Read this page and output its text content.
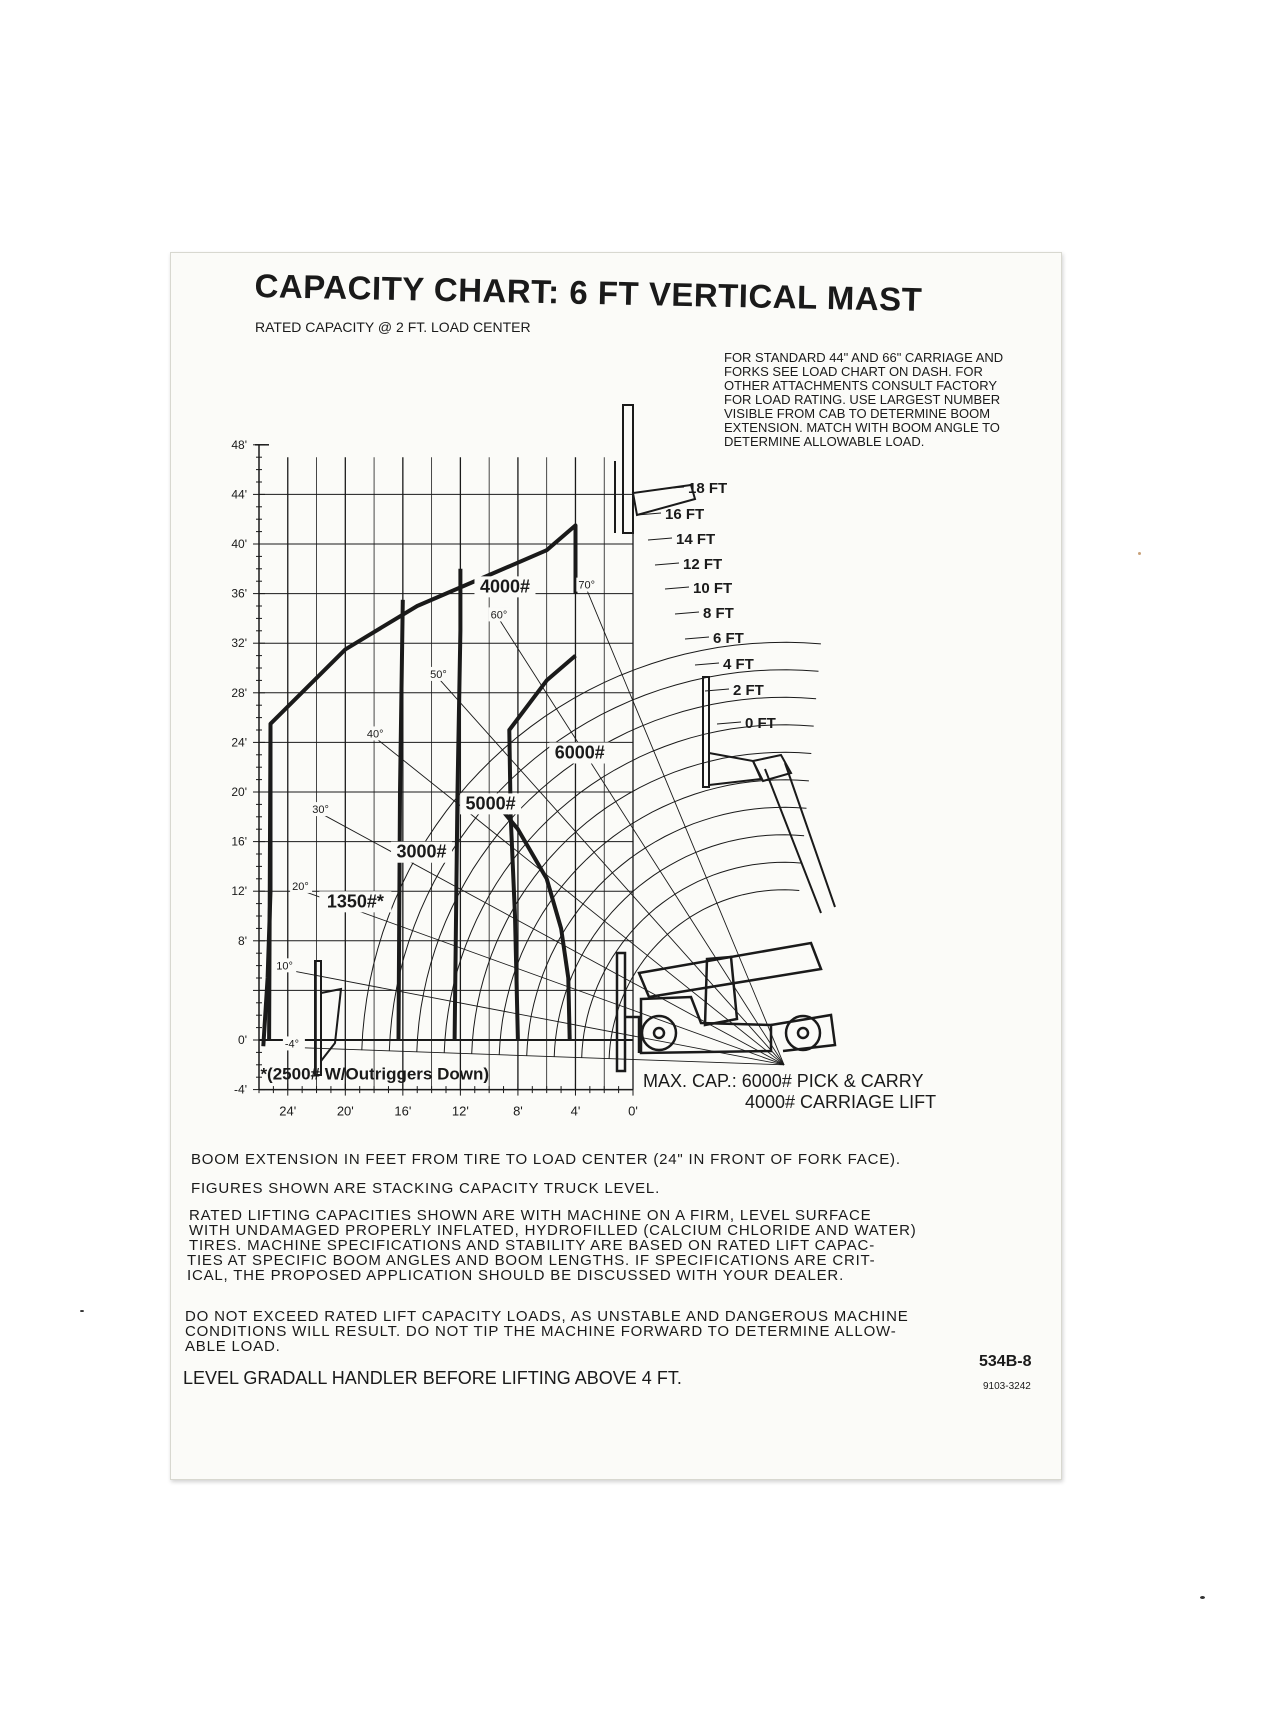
CAPACITY CHART: 6 FT VERTICAL MAST
RATED CAPACITY @ 2 FT. LOAD CENTER
FOR STANDARD 44" AND 66" CARRIAGE AND FORKS SEE LOAD CHART ON DASH. FOR OTHER ATTACHMENTS CONSULT FACTORY FOR LOAD RATING. USE LARGEST NUMBER VISIBLE FROM CAB TO DETERMINE BOOM EXTENSION. MATCH WITH BOOM ANGLE TO DETERMINE ALLOWABLE LOAD.
48'
44'
40'
36'
32'
28'
24'
20'
16'
12'
8'
0'
-4'
24'	20'	16'	12'	8'	4'	0'
-4°
10°
20°
30°
40°
50°
60°
70°
18 FT
16 FT
14 FT
12 FT
10 FT
8 FT
6 FT
4 FT
2 FT
0 FT
4000#
3000#
5000#
6000#
1350#*
*(2500# W/Outriggers Down)	MAX. CAP.: 6000# PICK & CARRY
4000# CARRIAGE LIFT
BOOM EXTENSION IN FEET FROM TIRE TO LOAD CENTER (24" IN FRONT OF FORK FACE).
FIGURES SHOWN ARE STACKING CAPACITY TRUCK LEVEL.
RATED LIFTING CAPACITIES SHOWN ARE WITH MACHINE ON A FIRM, LEVEL SURFACE
WITH UNDAMAGED PROPERLY INFLATED, HYDROFILLED (CALCIUM CHLORIDE AND WATER)
TIRES. MACHINE SPECIFICATIONS AND STABILITY ARE BASED ON RATED LIFT CAPAC-
TIES AT SPECIFIC BOOM ANGLES AND BOOM LENGTHS. IF SPECIFICATIONS ARE CRIT-
ICAL, THE PROPOSED APPLICATION SHOULD BE DISCUSSED WITH YOUR DEALER.
DO NOT EXCEED RATED LIFT CAPACITY LOADS, AS UNSTABLE AND DANGEROUS MACHINE
CONDITIONS WILL RESULT. DO NOT TIP THE MACHINE FORWARD TO DETERMINE ALLOW-
ABLE LOAD.
LEVEL GRADALL HANDLER BEFORE LIFTING ABOVE 4 FT.
534B-8
9103-3242
